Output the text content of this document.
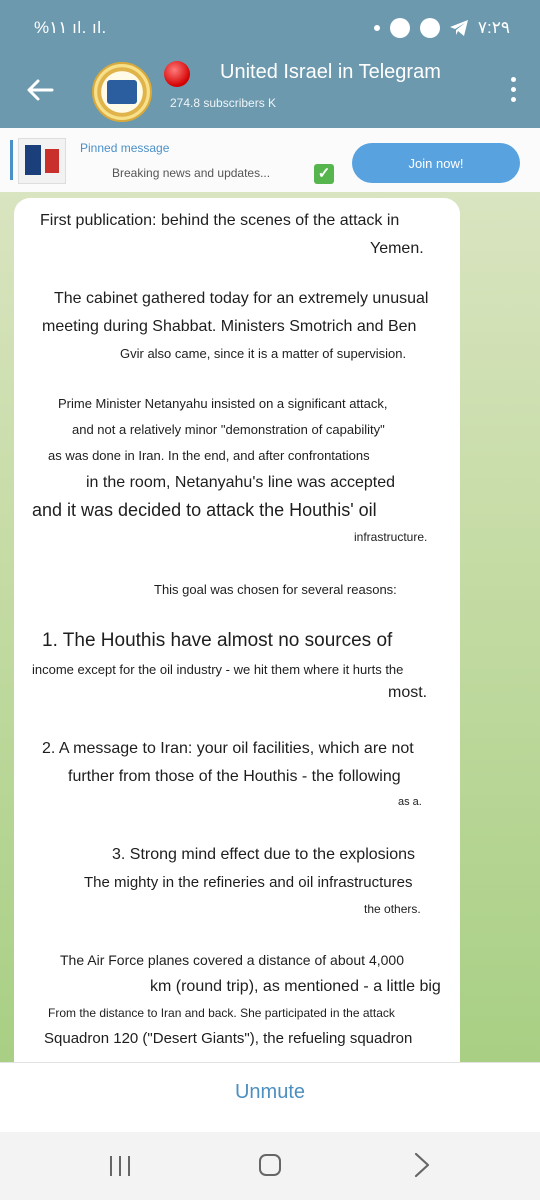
%۱۱ ıl. ıl.	۷:۲۹
United Israel in Telegram
274.8 subscribers K
Pinned message
Breaking news and updates...	✓
Join now!
First publication: behind the scenes of the attack in
Yemen.
The cabinet gathered today for an extremely unusual
meeting during Shabbat. Ministers Smotrich and Ben
Gvir also came, since it is a matter of supervision.
Prime Minister Netanyahu insisted on a significant attack,
and not a relatively minor "demonstration of capability"
as was done in Iran. In the end, and after confrontations
in the room, Netanyahu's line was accepted
and it was decided to attack the Houthis' oil
infrastructure.
This goal was chosen for several reasons:
1. The Houthis have almost no sources of
income except for the oil industry - we hit them where it hurts the
most.
2. A message to Iran: your oil facilities, which are not
further from those of the Houthis - the following
as a.
3. Strong mind effect due to the explosions
The mighty in the refineries and oil infrastructures
the others.
The Air Force planes covered a distance of about 4,000
km (round trip), as mentioned - a little big
From the distance to Iran and back. She participated in the attack
Squadron 120 ("Desert Giants"), the refueling squadron
Unmute
